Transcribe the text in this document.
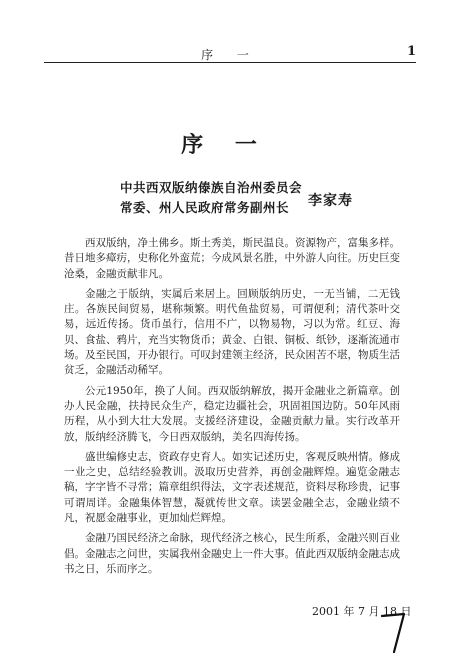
序 一	1
序 一
中共西双版纳傣族自治州委员会
常委、州人民政府常务副州长 李家寿

西双版纳，净土佛乡。斯土秀美，斯民温良。资源物产，富集多样。昔日地多瘴疠，史称化外蛮荒；今成风景名胜，中外游人向往。历史巨变沧桑，金融贡献非凡。

金融之于版纳，实属后来居上。回顾版纳历史，一无当铺，二无钱庄。各族民间贸易，堪称频繁。明代鱼盐贸易，可谓便利；清代茶叶交易，远近传扬。货币虽行，信用不广，以物易物，习以为常。红豆、海贝、食盐、鸦片，充当实物货币；黄金、白银、铜板、纸钞，逐渐流通市场。及至民国，开办银行。可叹封建领主经济，民众困苦不堪，物质生活贫乏，金融活动稀罕。

公元1950年，换了人间。西双版纳解放，揭开金融业之新篇章。创办人民金融，扶持民众生产，稳定边疆社会，巩固祖国边防。50年风雨历程，从小到大壮大发展。支援经济建设，金融贡献力量。实行改革开放，版纳经济腾飞，今日西双版纳，美名四海传扬。

盛世编修史志，资政存史育人。如实记述历史，客观反映州情。修成一业之史，总结经验教训。汲取历史营养，再创金融辉煌。遍览金融志稿，字字皆不寻常；篇章组织得法，文字表述规范，资料尽称珍贵，记事可谓周详。金融集体智慧，凝就传世文章。读罢金融全志，金融业绩不凡，祝愿金融事业，更加灿烂辉煌。

金融乃国民经济之命脉，现代经济之核心，民生所系，金融兴则百业倡。金融志之问世，实属我州金融史上一件大事。值此西双版纳金融志成书之日，乐而序之。

2001 年 7 月 18 日
